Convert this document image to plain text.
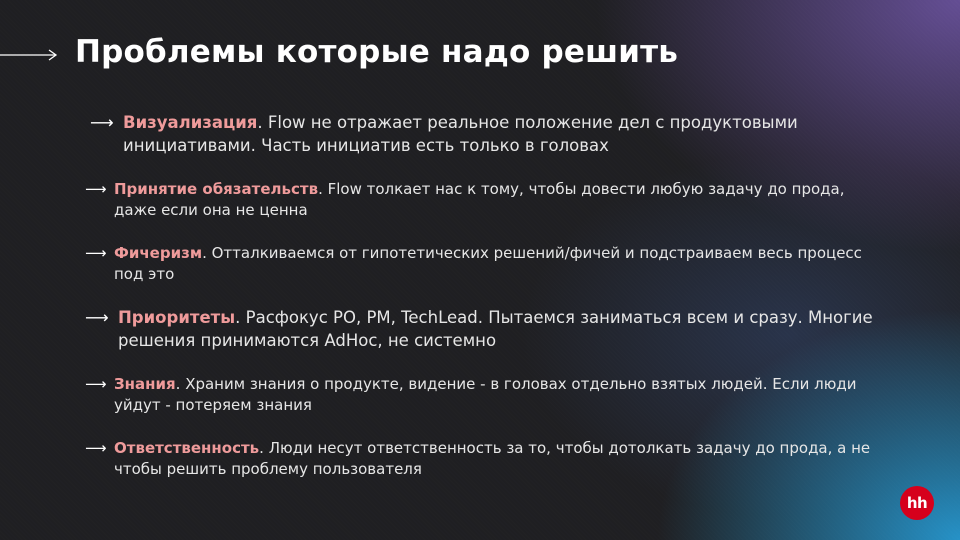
Проблемы которые надо решить
⟶ Визуализация. Flow не отражает реальное положение дел с продуктовыми инициативами. Часть инициатив есть только в головах

⟶ Принятие обязательств. Flow толкает нас к тому, чтобы довести любую задачу до прода, даже если она не ценна

⟶ Фичеризм. Отталкиваемся от гипотетических решений/фичей и подстраиваем весь процесс под это

⟶ Приоритеты. Расфокус PO, PM, TechLead. Пытаемся заниматься всем и сразу. Многие решения принимаются AdHoc, не системно

⟶ Знания. Храним знания о продукте, видение - в головах отдельно взятых людей. Если люди уйдут - потеряем знания

⟶ Ответственность. Люди несут ответственность за то, чтобы дотолкать задачу до прода, а не чтобы решить проблему пользователя

hh
